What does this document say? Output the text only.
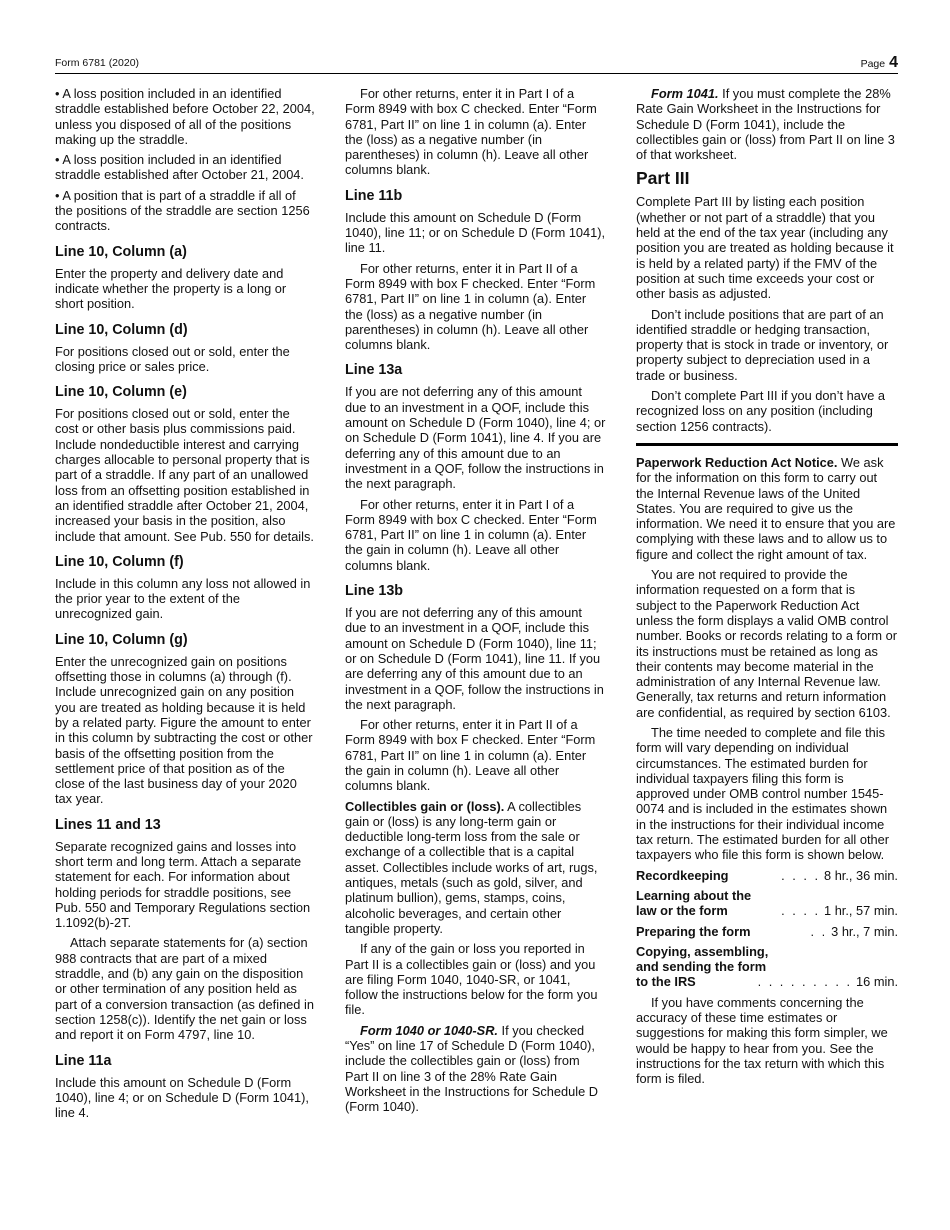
Form 6781 (2020)	Page 4

• A loss position included in an identified straddle established before October 22, 2004, unless you disposed of all of the positions making up the straddle.

• A loss position included in an identified straddle established after October 21, 2004.

• A position that is part of a straddle if all of the positions of the straddle are section 1256 contracts.

Line 10, Column (a)

Enter the property and delivery date and indicate whether the property is a long or short position.

Line 10, Column (d)

For positions closed out or sold, enter the closing price or sales price.

Line 10, Column (e)

For positions closed out or sold, enter the cost or other basis plus commissions paid. Include nondeductible interest and carrying charges allocable to personal property that is part of a straddle. If any part of an unallowed loss from an offsetting position established in an identified straddle after October 21, 2004, increased your basis in the position, also include that amount. See Pub. 550 for details.

Line 10, Column (f)

Include in this column any loss not allowed in the prior year to the extent of the unrecognized gain.

Line 10, Column (g)

Enter the unrecognized gain on positions offsetting those in columns (a) through (f). Include unrecognized gain on any position you are treated as holding because it is held by a related party. Figure the amount to enter in this column by subtracting the cost or other basis of the offsetting position from the settlement price of that position as of the close of the last business day of your 2020 tax year.

Lines 11 and 13

Separate recognized gains and losses into short term and long term. Attach a separate statement for each. For information about holding periods for straddle positions, see Pub. 550 and Temporary Regulations section 1.1092(b)-2T.

Attach separate statements for (a) section 988 contracts that are part of a mixed straddle, and (b) any gain on the disposition or other termination of any position held as part of a conversion transaction (as defined in section 1258(c)). Identify the net gain or loss and report it on Form 4797, line 10.

Line 11a

Include this amount on Schedule D (Form 1040), line 4; or on Schedule D (Form 1041), line 4.

For other returns, enter it in Part I of a Form 8949 with box C checked. Enter “Form 6781, Part II” on line 1 in column (a). Enter the (loss) as a negative number (in parentheses) in column (h). Leave all other columns blank.

Line 11b

Include this amount on Schedule D (Form 1040), line 11; or on Schedule D (Form 1041), line 11.

For other returns, enter it in Part II of a Form 8949 with box F checked. Enter “Form 6781, Part II” on line 1 in column (a). Enter the (loss) as a negative number (in parentheses) in column (h). Leave all other columns blank.

Line 13a

If you are not deferring any of this amount due to an investment in a QOF, include this amount on Schedule D (Form 1040), line 4; or on Schedule D (Form 1041), line 4. If you are deferring any of this amount due to an investment in a QOF, follow the instructions in the next paragraph.

For other returns, enter it in Part I of a Form 8949 with box C checked. Enter “Form 6781, Part II” on line 1 in column (a). Enter the gain in column (h). Leave all other columns blank.

Line 13b

If you are not deferring any of this amount due to an investment in a QOF, include this amount on Schedule D (Form 1040), line 11; or on Schedule D (Form 1041), line 11. If you are deferring any of this amount due to an investment in a QOF, follow the instructions in the next paragraph.

For other returns, enter it in Part II of a Form 8949 with box F checked. Enter “Form 6781, Part II” on line 1 in column (a). Enter the gain in column (h). Leave all other columns blank.

Collectibles gain or (loss). A collectibles gain or (loss) is any long-term gain or deductible long-term loss from the sale or exchange of a collectible that is a capital asset. Collectibles include works of art, rugs, antiques, metals (such as gold, silver, and platinum bullion), gems, stamps, coins, alcoholic beverages, and certain other tangible property.

If any of the gain or loss you reported in Part II is a collectibles gain or (loss) and you are filing Form 1040, 1040-SR, or 1041, follow the instructions below for the form you file.

Form 1040 or 1040-SR. If you checked “Yes” on line 17 of Schedule D (Form 1040), include the collectibles gain or (loss) from Part II on line 3 of the 28% Rate Gain Worksheet in the Instructions for Schedule D (Form 1040).

Form 1041. If you must complete the 28% Rate Gain Worksheet in the Instructions for Schedule D (Form 1041), include the collectibles gain or (loss) from Part II on line 3 of that worksheet.

Part III

Complete Part III by listing each position (whether or not part of a straddle) that you held at the end of the tax year (including any position you are treated as holding because it is held by a related party) if the FMV of the position at such time exceeds your cost or other basis as adjusted.

Don’t include positions that are part of an identified straddle or hedging transaction, property that is stock in trade or inventory, or property subject to depreciation used in a trade or business.

Don’t complete Part III if you don’t have a recognized loss on any position (including section 1256 contracts).

Paperwork Reduction Act Notice. We ask for the information on this form to carry out the Internal Revenue laws of the United States. You are required to give us the information. We need it to ensure that you are complying with these laws and to allow us to figure and collect the right amount of tax.

You are not required to provide the information requested on a form that is subject to the Paperwork Reduction Act unless the form displays a valid OMB control number. Books or records relating to a form or its instructions must be retained as long as their contents may become material in the administration of any Internal Revenue law. Generally, tax returns and return information are confidential, as required by section 6103.

The time needed to complete and file this form will vary depending on individual circumstances. The estimated burden for individual taxpayers filing this form is approved under OMB control number 1545-0074 and is included in the estimates shown in the instructions for their individual income tax return. The estimated burden for all other taxpayers who file this form is shown below.

Recordkeeping	. . . . 8 hr., 36 min.
Learning about the
law or the form	. . . . 1 hr., 57 min.
Preparing the form	. . 3 hr., 7 min.
Copying, assembling,
and sending the form
to the IRS	. . . . . . . . . 16 min.

If you have comments concerning the accuracy of these time estimates or suggestions for making this form simpler, we would be happy to hear from you. See the instructions for the tax return with which this form is filed.
